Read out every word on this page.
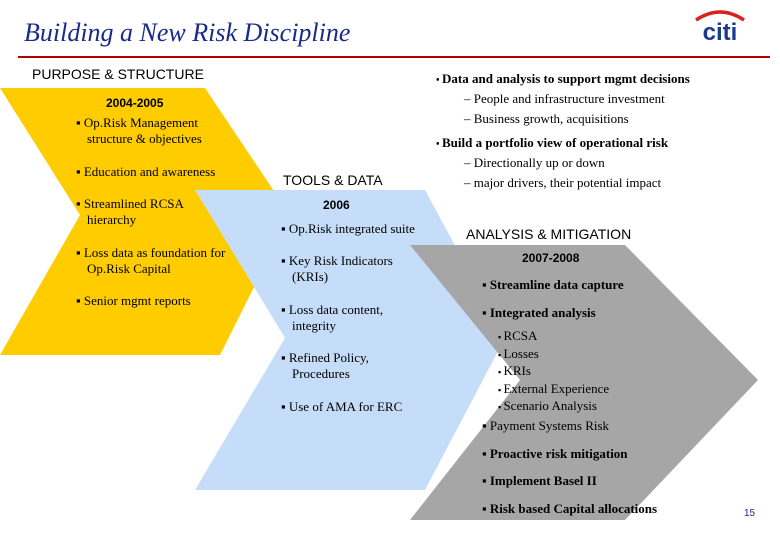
Building a New Risk Discipline	citi
PURPOSE & STRUCTURE
2004-2005
▪ Op.Risk Management structure & objectives
▪ Education and awareness
▪ Streamlined RCSA hierarchy
▪ Loss data as foundation for Op.Risk Capital
▪ Senior mgmt reports
TOOLS & DATA
2006
▪ Op.Risk integrated suite
▪ Key Risk Indicators (KRIs)
▪ Loss data content, integrity
▪ Refined Policy, Procedures
▪ Use of AMA for ERC
ANALYSIS & MITIGATION
2007-2008
▪ Streamline data capture
▪ Integrated analysis
▪ RCSA
▪ Losses
▪ KRIs
▪ External Experience
▪ Scenario Analysis
▪ Payment Systems Risk
▪ Proactive risk mitigation
▪ Implement Basel II
▪ Risk based Capital allocations
• Data and analysis to support mgmt decisions
– People and infrastructure investment
– Business growth, acquisitions
• Build a portfolio view of operational risk
– Directionally up or down
– major drivers, their potential impact
15
